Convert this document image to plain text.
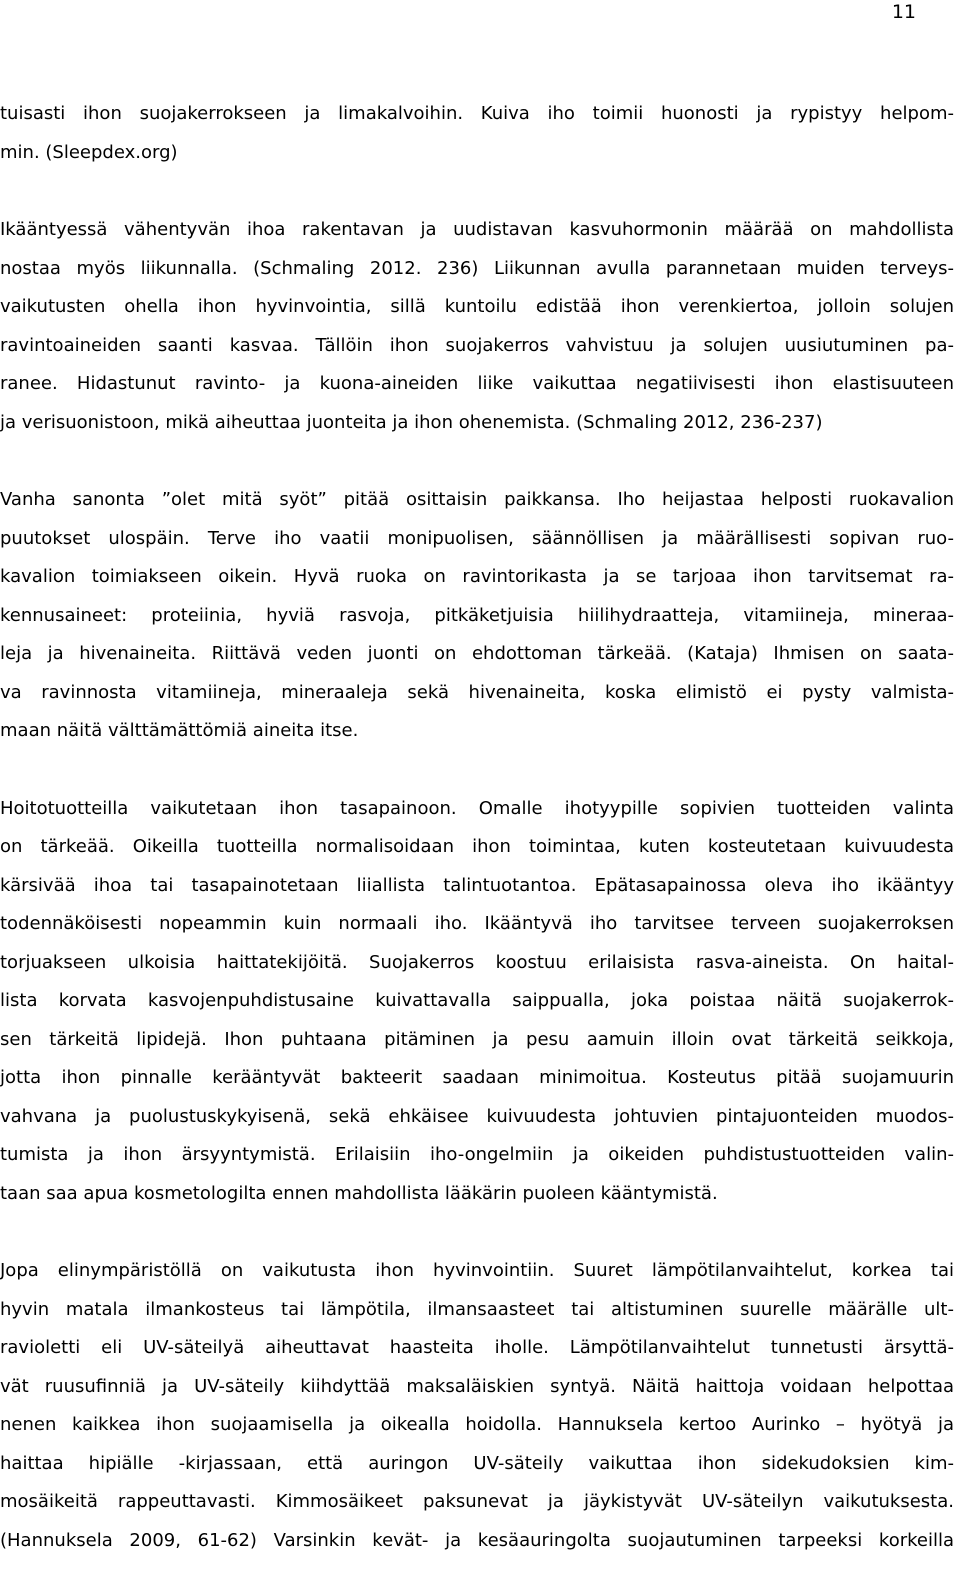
11
tuisasti ihon suojakerrokseen ja limakalvoihin. Kuiva iho toimii huonosti ja rypistyy helpom-
min. (Sleepdex.org)
Ikääntyessä vähentyvän ihoa rakentavan ja uudistavan kasvuhormonin määrää on mahdollista
nostaa myös liikunnalla. (Schmaling 2012. 236) Liikunnan avulla parannetaan muiden terveys-
vaikutusten ohella ihon hyvinvointia, sillä kuntoilu edistää ihon verenkiertoa, jolloin solujen
ravintoaineiden saanti kasvaa. Tällöin ihon suojakerros vahvistuu ja solujen uusiutuminen pa-
ranee. Hidastunut ravinto- ja kuona-aineiden liike vaikuttaa negatiivisesti ihon elastisuuteen
ja verisuonistoon, mikä aiheuttaa juonteita ja ihon ohenemista. (Schmaling 2012, 236-237)
Vanha sanonta ”olet mitä syöt” pitää osittaisin paikkansa. Iho heijastaa helposti ruokavalion
puutokset ulospäin. Terve iho vaatii monipuolisen, säännöllisen ja määrällisesti sopivan ruo-
kavalion toimiakseen oikein. Hyvä ruoka on ravintorikasta ja se tarjoaa ihon tarvitsemat ra-
kennusaineet: proteiinia, hyviä rasvoja, pitkäketjuisia hiilihydraatteja, vitamiineja, mineraa-
leja ja hivenaineita. Riittävä veden juonti on ehdottoman tärkeää. (Kataja) Ihmisen on saata-
va ravinnosta vitamiineja, mineraaleja sekä hivenaineita, koska elimistö ei pysty valmista-
maan näitä välttämättömiä aineita itse.
Hoitotuotteilla vaikutetaan ihon tasapainoon. Omalle ihotyypille sopivien tuotteiden valinta
on tärkeää. Oikeilla tuotteilla normalisoidaan ihon toimintaa, kuten kosteutetaan kuivuudesta
kärsivää ihoa tai tasapainotetaan liiallista talintuotantoa. Epätasapainossa oleva iho ikääntyy
todennäköisesti nopeammin kuin normaali iho. Ikääntyvä iho tarvitsee terveen suojakerroksen
torjuakseen ulkoisia haittatekijöitä. Suojakerros koostuu erilaisista rasva-aineista. On haital-
lista korvata kasvojenpuhdistusaine kuivattavalla saippualla, joka poistaa näitä suojakerrok-
sen tärkeitä lipidejä. Ihon puhtaana pitäminen ja pesu aamuin illoin ovat tärkeitä seikkoja,
jotta ihon pinnalle kerääntyvät bakteerit saadaan minimoitua. Kosteutus pitää suojamuurin
vahvana ja puolustuskykyisenä, sekä ehkäisee kuivuudesta johtuvien pintajuonteiden muodos-
tumista ja ihon ärsyyntymistä. Erilaisiin iho-ongelmiin ja oikeiden puhdistustuotteiden valin-
taan saa apua kosmetologilta ennen mahdollista lääkärin puoleen kääntymistä.
Jopa elinympäristöllä on vaikutusta ihon hyvinvointiin. Suuret lämpötilanvaihtelut, korkea tai
hyvin matala ilmankosteus tai lämpötila, ilmansaasteet tai altistuminen suurelle määrälle ult-
ravioletti eli UV-säteilyä aiheuttavat haasteita iholle. Lämpötilanvaihtelut tunnetusti ärsyttä-
vät ruusufinniä ja UV-säteily kiihdyttää maksaläiskien syntyä. Näitä haittoja voidaan helpottaa
nenen kaikkea ihon suojaamisella ja oikealla hoidolla. Hannuksela kertoo Aurinko – hyötyä ja
haittaa hipiälle -kirjassaan, että auringon UV-säteily vaikuttaa ihon sidekudoksien kim-
mosäikeitä rappeuttavasti. Kimmosäikeet paksunevat ja jäykistyvät UV-säteilyn vaikutuksesta.
(Hannuksela 2009, 61-62) Varsinkin kevät- ja kesäauringolta suojautuminen tarpeeksi korkeilla
